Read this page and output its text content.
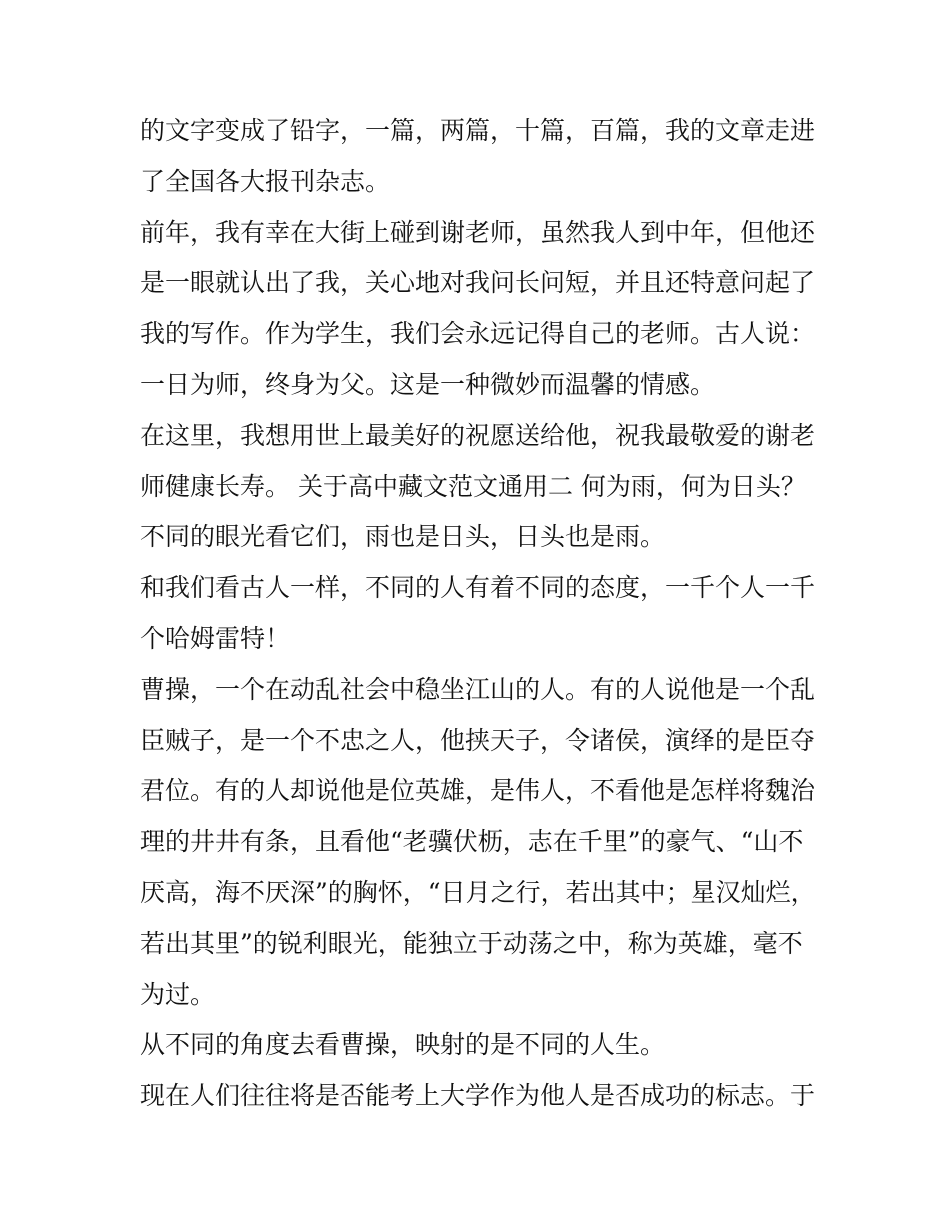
的文字变成了铅字，一篇，两篇，十篇，百篇，我的文章走进
了全国各大报刊杂志。
前年，我有幸在大街上碰到谢老师，虽然我人到中年，但他还
是一眼就认出了我，关心地对我问长问短，并且还特意问起了
我的写作。作为学生，我们会永远记得自己的老师。古人说：
一日为师，终身为父。这是一种微妙而温馨的情感。
在这里，我想用世上最美好的祝愿送给他，祝我最敬爱的谢老
师健康长寿。 关于高中藏文范文通用二 何为雨，何为日头？
不同的眼光看它们，雨也是日头，日头也是雨。
和我们看古人一样，不同的人有着不同的态度，一千个人一千
个哈姆雷特！
曹操，一个在动乱社会中稳坐江山的人。有的人说他是一个乱
臣贼子，是一个不忠之人，他挟天子，令诸侯，演绎的是臣夺
君位。有的人却说他是位英雄，是伟人，不看他是怎样将魏治
理的井井有条，且看他“老骥伏枥，志在千里”的豪气、“山不
厌高，海不厌深”的胸怀，“日月之行，若出其中；星汉灿烂，
若出其里”的锐利眼光，能独立于动荡之中，称为英雄，毫不
为过。
从不同的角度去看曹操，映射的是不同的人生。
现在人们往往将是否能考上大学作为他人是否成功的标志。于
